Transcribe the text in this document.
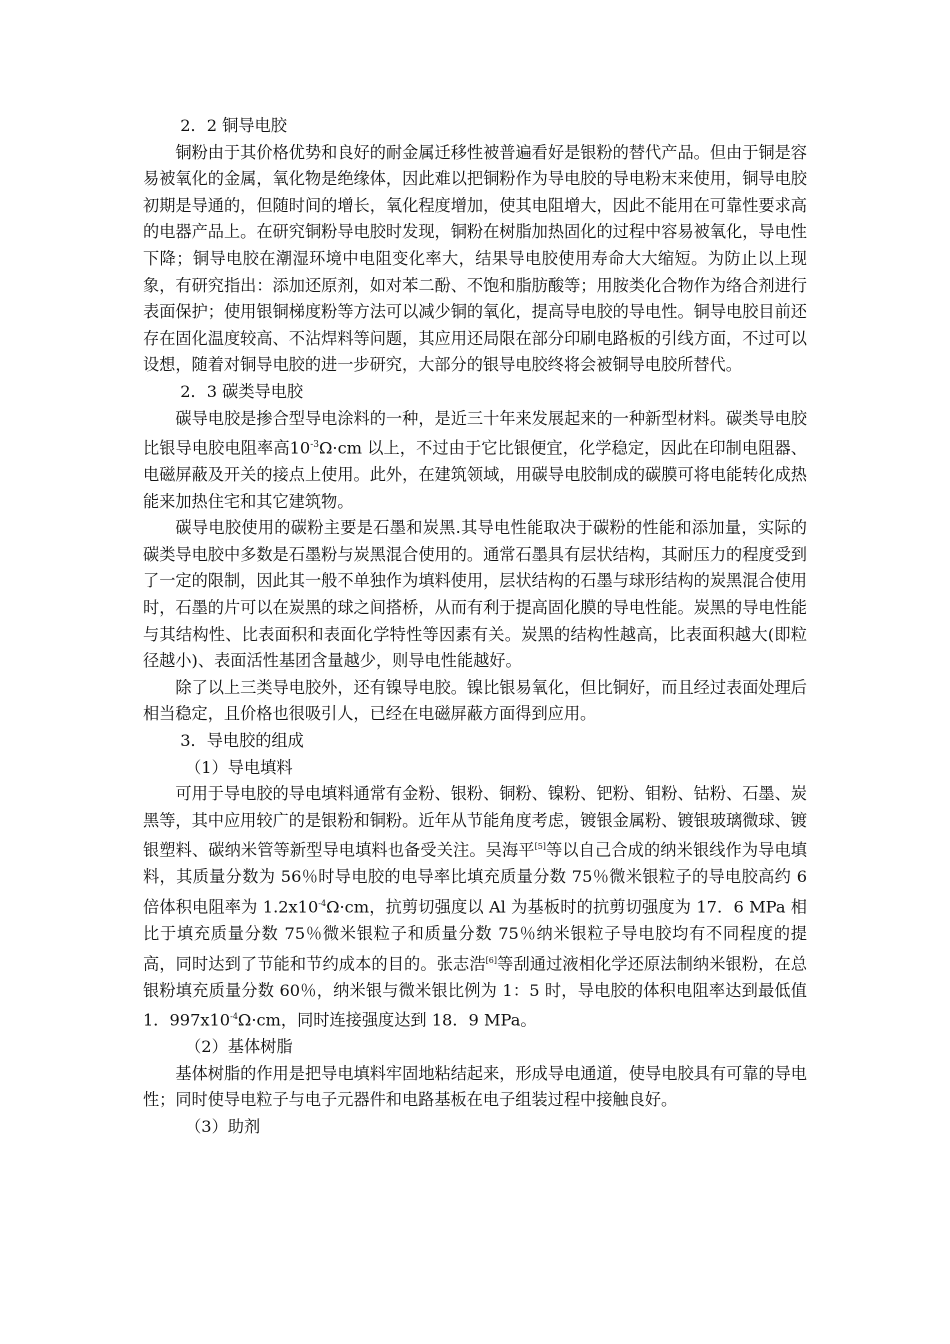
2．2 铜导电胶

铜粉由于其价格优势和良好的耐金属迁移性被普遍看好是银粉的替代产品。但由于铜是容易被氧化的金属，氧化物是绝缘体，因此难以把铜粉作为导电胶的导电粉末来使用，铜导电胶初期是导通的，但随时间的增长，氧化程度增加，使其电阻增大，因此不能用在可靠性要求高的电器产品上。在研究铜粉导电胶时发现，铜粉在树脂加热固化的过程中容易被氧化，导电性下降；铜导电胶在潮湿环境中电阻变化率大，结果导电胶使用寿命大大缩短。为防止以上现象，有研究指出：添加还原剂，如对苯二酚、不饱和脂肪酸等；用胺类化合物作为络合剂进行表面保护；使用银铜梯度粉等方法可以减少铜的氧化，提高导电胶的导电性。铜导电胶目前还存在固化温度较高、不沾焊料等问题，其应用还局限在部分印刷电路板的引线方面，不过可以设想，随着对铜导电胶的进一步研究，大部分的银导电胶终将会被铜导电胶所替代。

2．3 碳类导电胶

碳导电胶是掺合型导电涂料的一种，是近三十年来发展起来的一种新型材料。碳类导电胶比银导电胶电阻率高$10^{-3}\Omega\cdot cm$ 以上，不过由于它比银便宜，化学稳定，因此在印制电阻器、电磁屏蔽及开关的接点上使用。此外，在建筑领域，用碳导电胶制成的碳膜可将电能转化成热能来加热住宅和其它建筑物。

碳导电胶使用的碳粉主要是石墨和炭黑.其导电性能取决于碳粉的性能和添加量，实际的碳类导电胶中多数是石墨粉与炭黑混合使用的。通常石墨具有层状结构，其耐压力的程度受到了一定的限制，因此其一般不单独作为填料使用，层状结构的石墨与球形结构的炭黑混合使用时，石墨的片可以在炭黑的球之间搭桥，从而有利于提高固化膜的导电性能。炭黑的导电性能与其结构性、比表面积和表面化学特性等因素有关。炭黑的结构性越高，比表面积越大(即粒径越小)、表面活性基团含量越少，则导电性能越好。

除了以上三类导电胶外，还有镍导电胶。镍比银易氧化，但比铜好，而且经过表面处理后相当稳定，且价格也很吸引人，已经在电磁屏蔽方面得到应用。

3．导电胶的组成

（1）导电填料

可用于导电胶的导电填料通常有金粉、银粉、铜粉、镍粉、钯粉、钼粉、钴粉、石墨、炭黑等，其中应用较广的是银粉和铜粉。近年从节能角度考虑，镀银金属粉、镀银玻璃微球、镀银塑料、碳纳米管等新型导电填料也备受关注。吴海平[5]等以自己合成的纳米银线作为导电填料，其质量分数为 56％时导电胶的电导率比填充质量分数 75％微米银粒子的导电胶高约 6 倍体积电阻率为 $1.2x10^{-4}\Omega\cdot cm$，抗剪切强度以 Al 为基板时的抗剪切强度为 17．6 MPa 相比于填充质量分数 75％微米银粒子和质量分数 75％纳米银粒子导电胶均有不同程度的提高，同时达到了节能和节约成本的目的。张志浩[6]等刮通过液相化学还原法制纳米银粉，在总银粉填充质量分数 60％，纳米银与微米银比例为 1：5 时，导电胶的体积电阻率达到最低值 1．$997x10^{-4}\Omega\cdot cm$，同时连接强度达到 18．9 MPa。

（2）基体树脂

基体树脂的作用是把导电填料牢固地粘结起来，形成导电通道，使导电胶具有可靠的导电性；同时使导电粒子与电子元器件和电路基板在电子组装过程中接触良好。

（3）助剂
